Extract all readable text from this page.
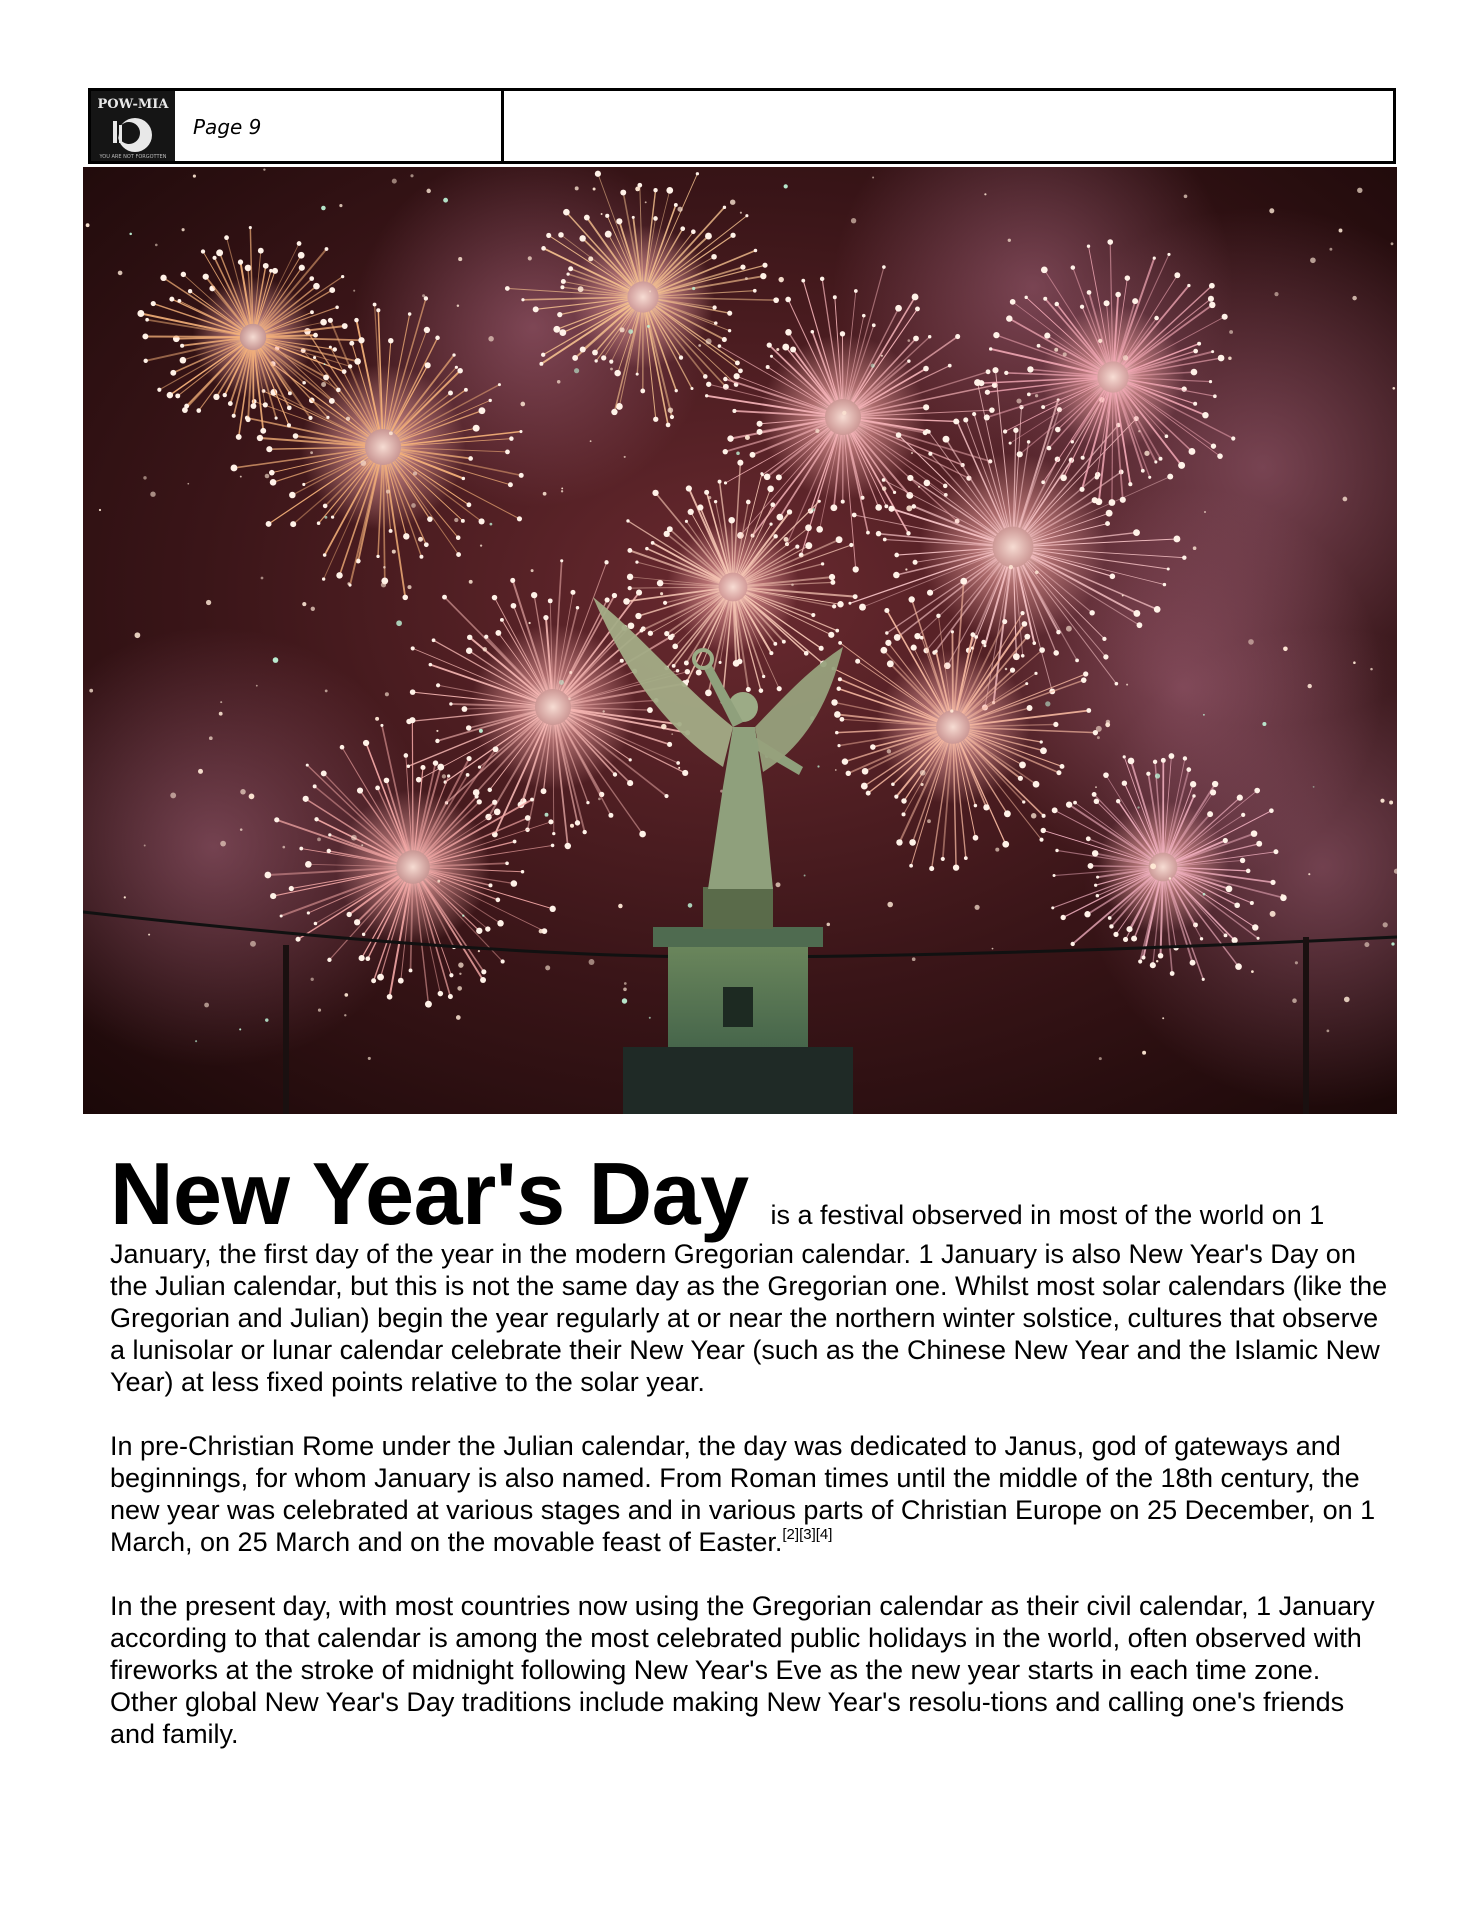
POW-MIA
YOU ARE NOT FORGOTTEN
Page 9

New Year's Day is a festival observed in most of the world on 1 January, the first day of the year in the modern Gregorian calendar. 1 January is also New Year's Day on the Julian calendar, but this is not the same day as the Gregorian one. Whilst most solar calendars (like the Gregorian and Julian) begin the year regularly at or near the northern winter solstice, cultures that observe a lunisolar or lunar calendar celebrate their New Year (such as the Chinese New Year and the Islamic New Year) at less fixed points relative to the solar year.

In pre-Christian Rome under the Julian calendar, the day was dedicated to Janus, god of gateways and beginnings, for whom January is also named. From Roman times until the middle of the 18th century, the new year was celebrated at various stages and in various parts of Christian Europe on 25 December, on 1 March, on 25 March and on the movable feast of Easter.[2][3][4]

In the present day, with most countries now using the Gregorian calendar as their civil calendar, 1 January according to that calendar is among the most celebrated public holidays in the world, often observed with fireworks at the stroke of midnight following New Year's Eve as the new year starts in each time zone. Other global New Year's Day traditions include making New Year's resolu-tions and calling one's friends and family.
